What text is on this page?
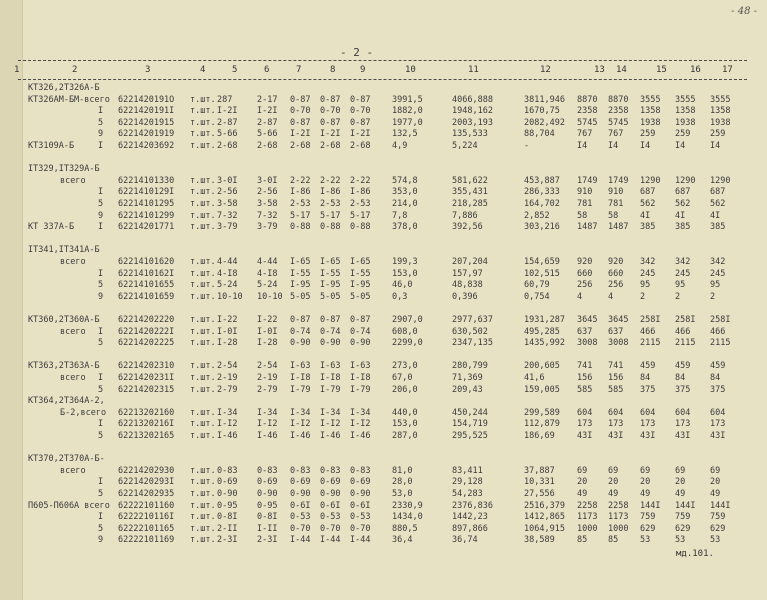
- 48 -
- 2 -
1	2	3	4	5	6	7	8	9	10	11	12	13 14	15	16 17
КТ326,2Т326А-Б
КТ326АМ-БМ-всего 6221420191О т.шт. 287	2-17 0-87 0-87 0-87	3991,5	4066,888	3811,946 8870 8870 3555 3555 3555
I 6221420191I т.шт. I-2I I-2I 0-70 0-70 0-70	1882,0	1948,162	1670,75 2358 2358 1358 1358 1358
5 62214201915 т.шт. 2-87 2-87 0-87 0-87 0-87	1977,0	2003,193	2082,492 5745 5745 1938 1938 1938
9 62214201919 т.шт. 5-66 5-66 I-2I I-2I I-2I	132,5	135,533	88,704	767 767 259 259 259
КТ3109А-Б	I 62214203692 т.шт. 2-68 2-68 2-68 2-68 2-68	4,9	5,224	-	I4 I4	I4	I4	I4
IТ329,IТ329А-Б
всего	62214101330 т.шт. 3-0I 3-0I 2-22 2-22 2-22	574,8	581,622	453,887 1749 1749 1290 1290 1290
I 6221410129I т.шт. 2-56 2-56 I-86 I-86 I-86	353,0	355,431	286,333 910 910 687 687 687
5 62214101295 т.шт. 3-58 3-58 2-53 2-53 2-53	214,0	218,285	164,702 781 781 562 562 562
9 62214101299 т.шт. 7-32 7-32 5-17 5-17 5-17	7,8	7,886	2,852	58 58	4I	4I	4I
КТ 337А-Б	I 62214201771 т.шт. 3-79 3-79 0-88 0-88 0-88	378,0	392,56	303,216 1487 1487 385 385 385
IТ341,IТ341А-Б
всего	62214101620 т.шт. 4-44 4-44 I-65 I-65 I-65	199,3	207,204	154,659 920 920 342 342 342
I 6221410162I т.шт. 4-I8 4-I8 I-55 I-55 I-55	153,0	157,97	102,515 660 660 245 245 245
5 62214101655 т.шт. 5-24 5-24 I-95 I-95 I-95	46,0	48,838	60,79	256 256 95	95	95
9 62214101659 т.шт. 10-10 10-10 5-05 5-05 5-05	0,3	0,396	0,754	4	4	2	2	2
КТ360,2Т360А-Б 62214202220 т.шт. I-22 I-22 0-87 0-87 0-87	2907,0	2977,637	1931,287 3645 3645 258I 258I 258I
всего I 6221420222I т.шт. I-0I I-0I 0-74 0-74 0-74	608,0	630,502	495,285 637 637 466 466 466
5 62214202225 т.шт. I-28 I-28 0-90 0-90 0-90	2299,0	2347,135	1435,992 3008 3008 2115 2115 2115
КТ363,2Т363А-Б 62214202310 т.шт. 2-54 2-54 I-63 I-63 I-63	273,0	280,799	200,605 741 741 459 459 459
всего I 6221420231I т.шт. 2-19 2-19 I-I8 I-I8 I-I8	67,0	71,369	41,6	156 156 84	84	84
5 62214202315 т.шт. 2-79 2-79 I-79 I-79 I-79	206,0	209,43	159,005 585 585 375 375 375
КТ364,2Т364А-2,
Б-2,всего 62213202160 т.шт. I-34 I-34 I-34 I-34 I-34	440,0	450,244	299,589 604 604 604 604 604
I 6221320216I т.шт. I-I2 I-I2 I-I2 I-I2 I-I2	153,0	154,719	112,879 173 173 173 173 173
5 62213202165 т.шт. I-46 I-46 I-46 I-46 I-46	287,0	295,525	186,69	43I 43I 43I 43I 43I
КТ370,2Т370А-Б-
всего	62214202930 т.шт. 0-83 0-83 0-83 0-83 0-83	81,0	83,411	37,887	69 69	69	69	69
I 6221420293I т.шт. 0-69 0-69 0-69 0-69 0-69	28,0	29,128	10,331	20 20	20	20	20
5 62214202935 т.шт. 0-90 0-90 0-90 0-90 0-90	53,0	54,283	27,556	49 49	49	49	49
П605-П606А всего 62222101160 т.шт. 0-95 0-95 0-6I 0-6I 0-6I	2330,9	2376,836	2516,379 2258 2258 144I 144I 144I
I 6222210116I т.шт. 0-8I 0-8I 0-53 0-53 0-53	1434,0	1442,23	1412,865 1173 1173 759 759 759
5 62222101165 т.шт. 2-II I-II 0-70 0-70 0-70	880,5	897,866	1064,915 1000 1000 629 629 629
9 62222101169 т.шт. 2-3I 2-3I I-44 I-44 I-44	36,4	36,74	38,589	85 85	53	53	53
мд.101.
